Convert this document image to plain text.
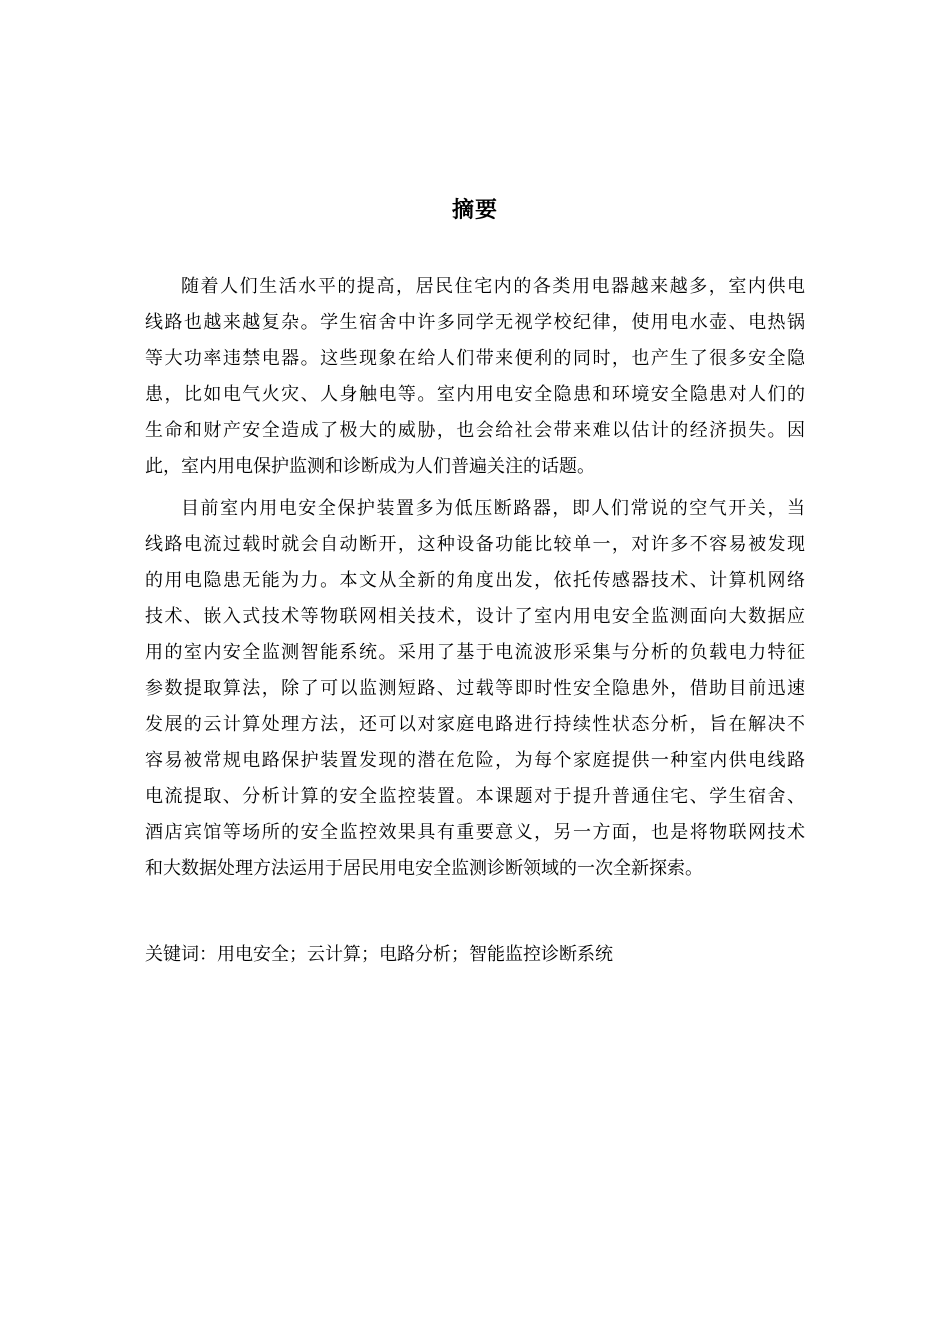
摘要
随着人们生活水平的提高，居民住宅内的各类用电器越来越多，室内供电
线路也越来越复杂。学生宿舍中许多同学无视学校纪律，使用电水壶、电热锅
等大功率违禁电器。这些现象在给人们带来便利的同时，也产生了很多安全隐
患，比如电气火灾、人身触电等。室内用电安全隐患和环境安全隐患对人们的
生命和财产安全造成了极大的威胁，也会给社会带来难以估计的经济损失。因
此，室内用电保护监测和诊断成为人们普遍关注的话题。
目前室内用电安全保护装置多为低压断路器，即人们常说的空气开关，当
线路电流过载时就会自动断开，这种设备功能比较单一，对许多不容易被发现
的用电隐患无能为力。本文从全新的角度出发，依托传感器技术、计算机网络
技术、嵌入式技术等物联网相关技术，设计了室内用电安全监测面向大数据应
用的室内安全监测智能系统。采用了基于电流波形采集与分析的负载电力特征
参数提取算法，除了可以监测短路、过载等即时性安全隐患外，借助目前迅速
发展的云计算处理方法，还可以对家庭电路进行持续性状态分析，旨在解决不
容易被常规电路保护装置发现的潜在危险，为每个家庭提供一种室内供电线路
电流提取、分析计算的安全监控装置。本课题对于提升普通住宅、学生宿舍、
酒店宾馆等场所的安全监控效果具有重要意义，另一方面，也是将物联网技术
和大数据处理方法运用于居民用电安全监测诊断领域的一次全新探索。
关键词：用电安全；云计算；电路分析；智能监控诊断系统
